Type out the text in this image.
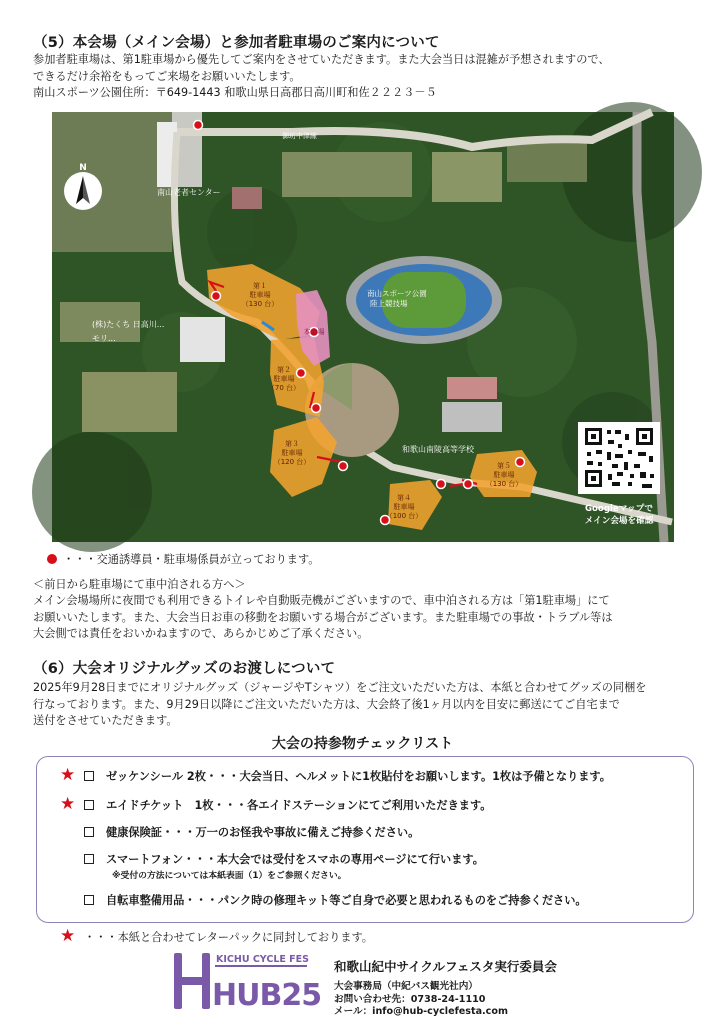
（5）本会場（メイン会場）と参加者駐車場のご案内について
参加者駐車場は、第1駐車場から優先してご案内をさせていただきます。また大会当日は混雑が予想されますので、
できるだけ余裕をもってご来場をお願いいたします。
南山スポーツ公園住所：〒649-1443 和歌山県日高郡日高川町和佐２２２３－５
南山老者センター
南山スポーツ公園
陸上競技場
(株)たくち 日高川...
モリ...
和歌山南陵高等学校
御坊中津線
第１
駐車場
（130 台）
第２
駐車場
（70 台）
第３
駐車場
（120 台）
第４
駐車場
（100 台）
第５
駐車場
（130 台）
本会場
N
Googleマップで
メイン会場を確認
・・・交通誘導員・駐車場係員が立っております。
＜前日から駐車場にて車中泊される方へ＞
メイン会場場所に夜間でも利用できるトイレや自動販売機がございますので、車中泊される方は「第1駐車場」にて
お願いいたします。また、大会当日お車の移動をお願いする場合がございます。また駐車場での事故・トラブル等は
大会側では責任をおいかねますので、あらかじめご了承ください。
（6）大会オリジナルグッズのお渡しについて
2025年9月28日までにオリジナルグッズ（ジャージやTシャツ）をご注文いただいた方は、本紙と合わせてグッズの同梱を
行なっております。また、9月29日以降にご注文いただいた方は、大会終了後1ヶ月以内を目安に郵送にてご自宅まで
送付をさせていただきます。
大会の持参物チェックリスト
★	ゼッケンシール 2枚・・・大会当日、ヘルメットに1枚貼付をお願いします。1枚は予備となります。
★	エイドチケット　1枚・・・各エイドステーションにてご利用いただきます。
健康保険証・・・万一のお怪我や事故に備えご持参ください。
スマートフォン・・・本大会では受付をスマホの専用ページにて行います。
※受付の方法については本紙表面（1）をご参照ください。
自転車整備用品・・・パンク時の修理キット等ご自身で必要と思われるものをご持参ください。
★ ・・・本紙と合わせてレターパックに同封しております。
KICHU CYCLE FES
HUB25
和歌山紀中サイクルフェスタ実行委員会
大会事務局（中紀バス観光社内）
お問い合わせ先：0738-24-1110
メール：info@hub-cyclefesta.com
